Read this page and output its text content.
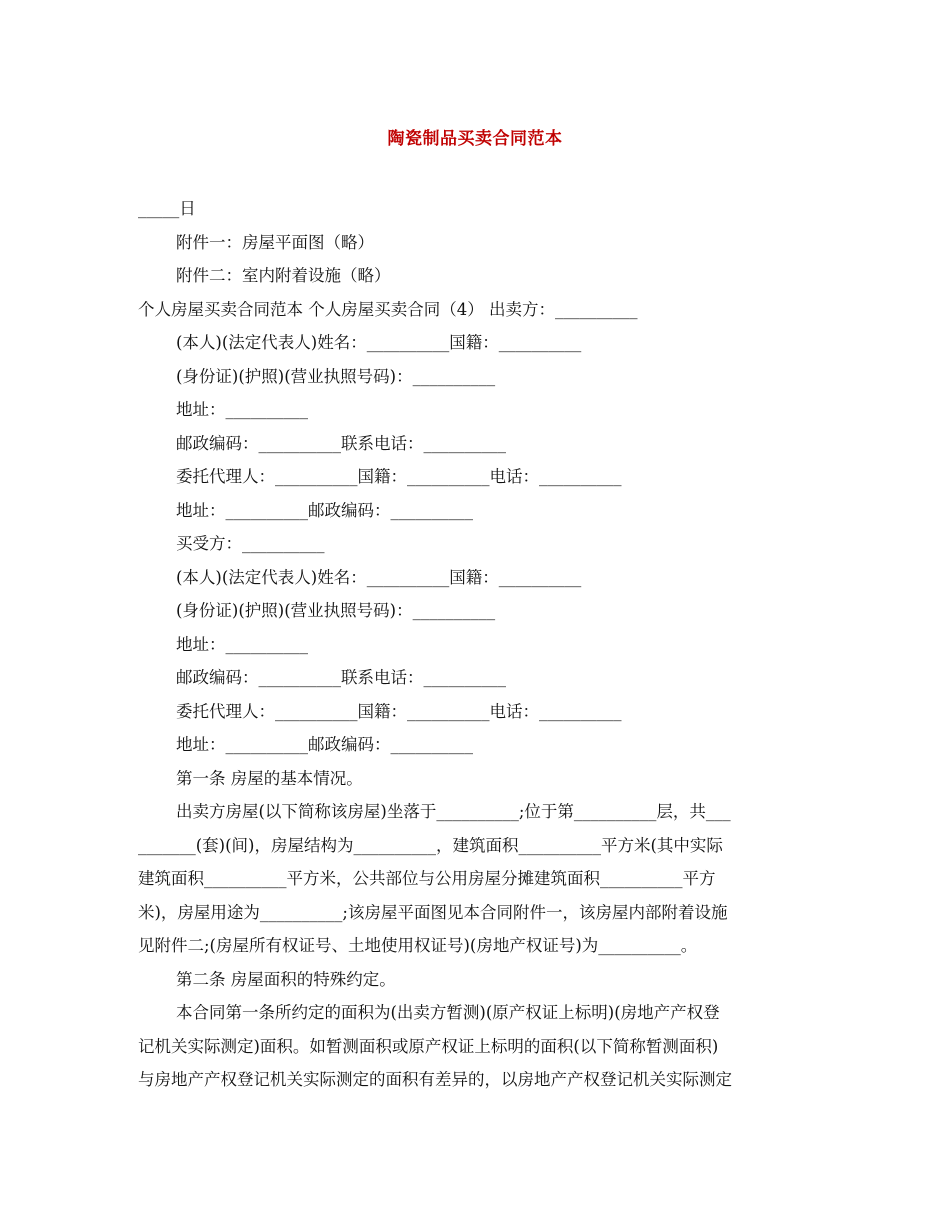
陶瓷制品买卖合同范本
_____日
附件一：房屋平面图（略）
附件二：室内附着设施（略）
个人房屋买卖合同范本 个人房屋买卖合同（4） 出卖方：__________
(本人)(法定代表人)姓名：__________国籍：__________
(身份证)(护照)(营业执照号码)：__________
地址：__________
邮政编码：__________联系电话：__________
委托代理人：__________国籍：__________电话：__________
地址：__________邮政编码：__________
买受方：__________
(本人)(法定代表人)姓名：__________国籍：__________
(身份证)(护照)(营业执照号码)：__________
地址：__________
邮政编码：__________联系电话：__________
委托代理人：__________国籍：__________电话：__________
地址：__________邮政编码：__________
第一条 房屋的基本情况。
出卖方房屋(以下简称该房屋)坐落于__________;位于第__________层，共___
_______(套)(间)，房屋结构为__________，建筑面积__________平方米(其中实际
建筑面积__________平方米，公共部位与公用房屋分摊建筑面积__________平方
米)，房屋用途为__________;该房屋平面图见本合同附件一，该房屋内部附着设施
见附件二;(房屋所有权证号、土地使用权证号)(房地产权证号)为__________。
第二条 房屋面积的特殊约定。
本合同第一条所约定的面积为(出卖方暂测)(原产权证上标明)(房地产产权登
记机关实际测定)面积。如暂测面积或原产权证上标明的面积(以下简称暂测面积)
与房地产产权登记机关实际测定的面积有差异的，以房地产产权登记机关实际测定
